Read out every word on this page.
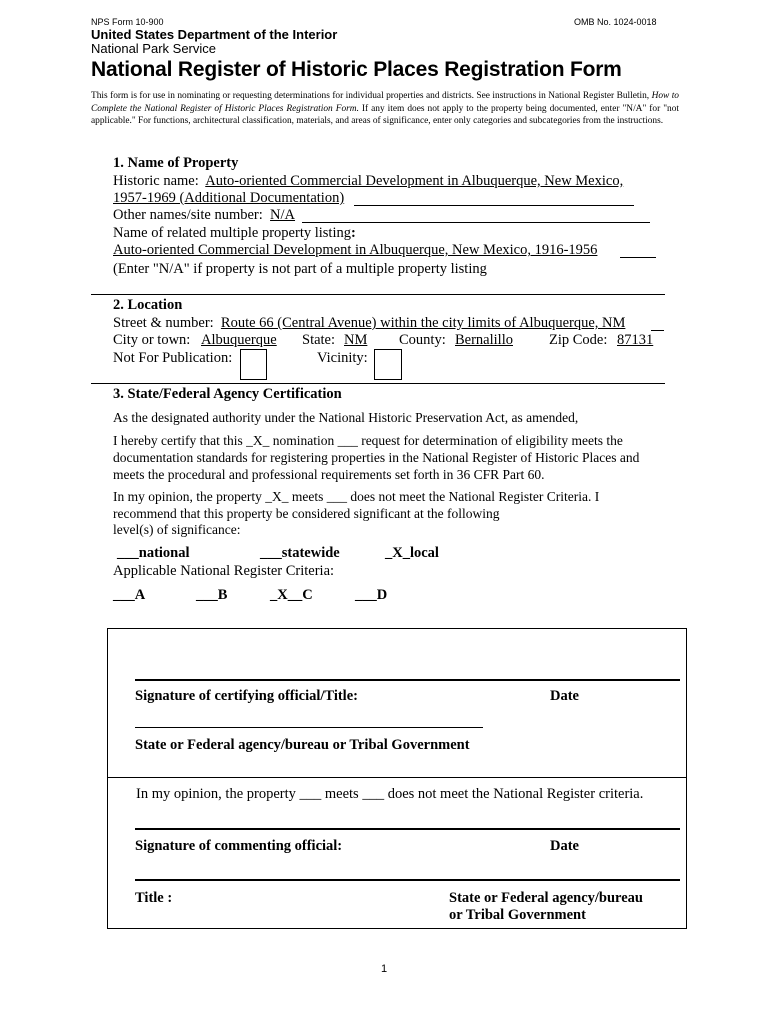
NPS Form 10-900	OMB No. 1024-0018
United States Department of the Interior
National Park Service
National Register of Historic Places Registration Form
This form is for use in nominating or requesting determinations for individual properties and districts. See instructions in National Register Bulletin, How to Complete the National Register of Historic Places Registration Form. If any item does not apply to the property being documented, enter "N/A" for "not applicable." For functions, architectural classification, materials, and areas of significance, enter only categories and subcategories from the instructions.
1. Name of Property
Historic name: Auto-oriented Commercial Development in Albuquerque, New Mexico,
1957-1969 (Additional Documentation)
Other names/site number: N/A
Name of related multiple property listing:
Auto-oriented Commercial Development in Albuquerque, New Mexico, 1916-1956
(Enter "N/A" if property is not part of a multiple property listing
2. Location
Street & number: Route 66 (Central Avenue) within the city limits of Albuquerque, NM
City or town: Albuquerque State: NM County: Bernalillo Zip Code: 87131
Not For Publication:	Vicinity:
3. State/Federal Agency Certification
As the designated authority under the National Historic Preservation Act, as amended,
I hereby certify that this _X_ nomination ___ request for determination of eligibility meets the
documentation standards for registering properties in the National Register of Historic Places and
meets the procedural and professional requirements set forth in 36 CFR Part 60.
In my opinion, the property _X_ meets ___ does not meet the National Register Criteria. I
recommend that this property be considered significant at the following
level(s) of significance:
___national	___statewide	_X_local
Applicable National Register Criteria:
___A	___B	_X__C	___D
Signature of certifying official/Title:	Date
State or Federal agency/bureau or Tribal Government
In my opinion, the property ___ meets ___ does not meet the National Register criteria.
Signature of commenting official:	Date
Title :	State or Federal agency/bureau
or Tribal Government
1
